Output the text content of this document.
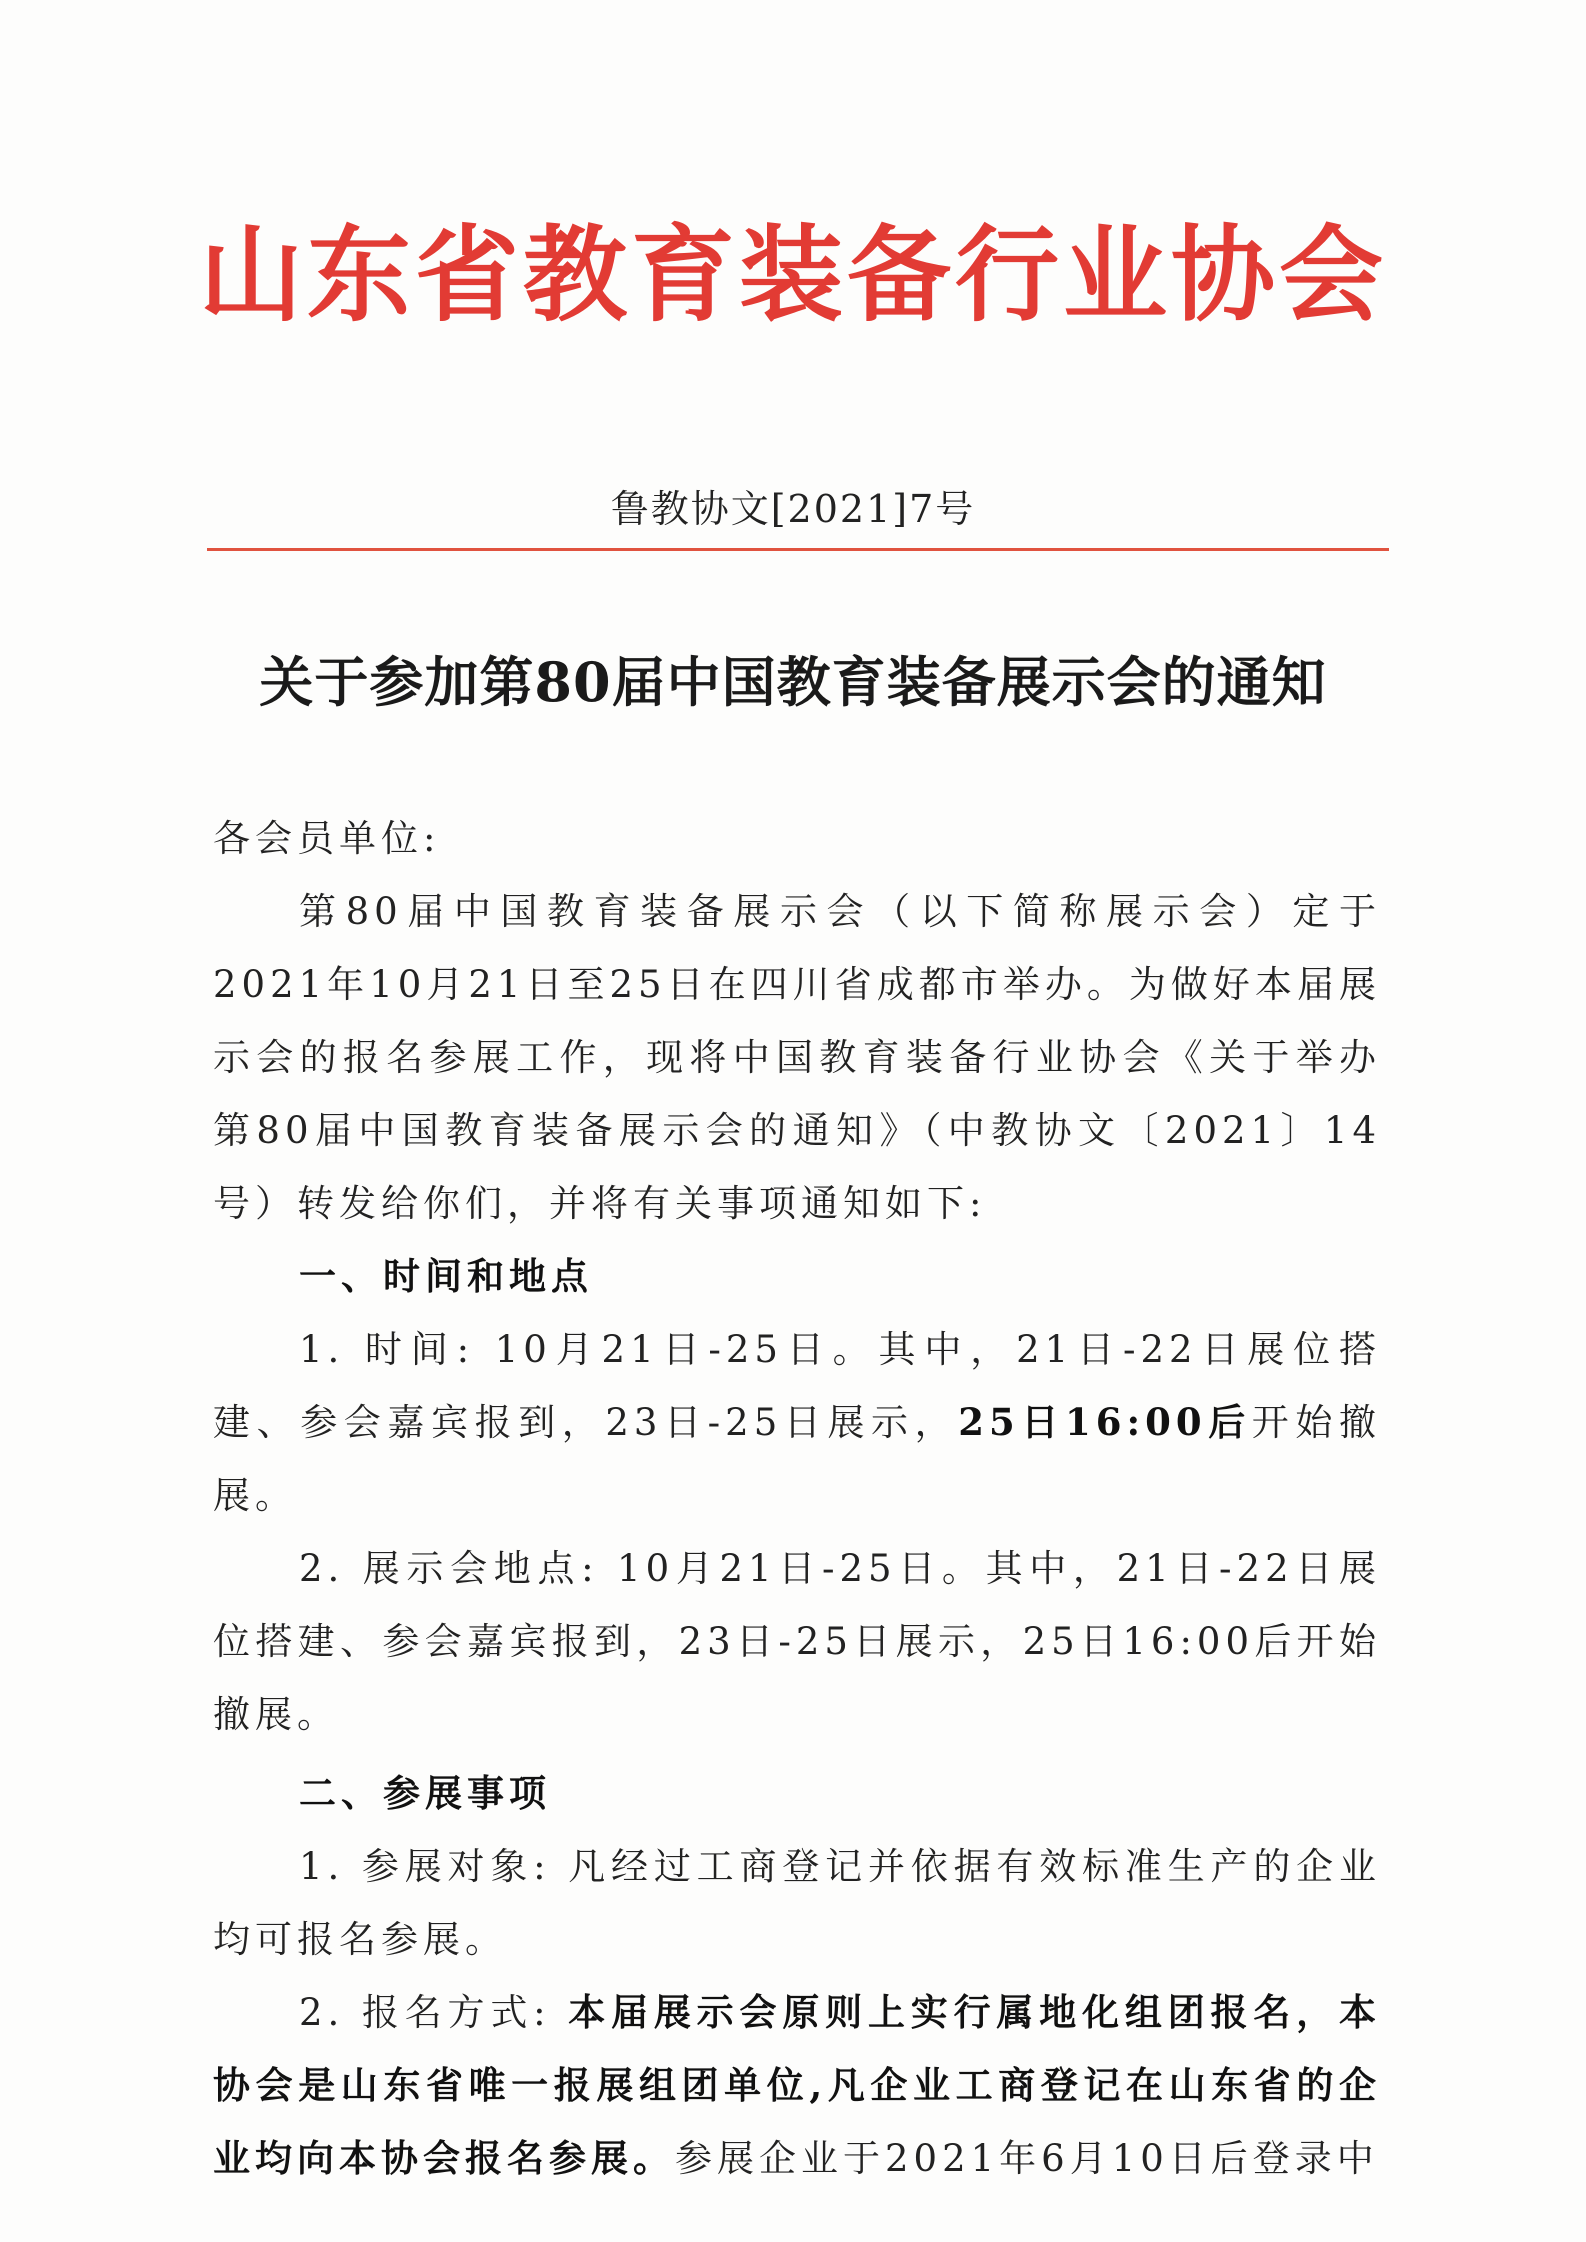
山东省教育装备行业协会
鲁教协文[2021]7号
关于参加第80届中国教育装备展示会的通知

各会员单位:

第80届中国教育装备展示会（以下简称展示会）定于2021年10月21日至25日在四川省成都市举办。为做好本届展示会的报名参展工作，现将中国教育装备行业协会《关于举办第80届中国教育装备展示会的通知》（中教协文〔2021〕14号）转发给你们，并将有关事项通知如下:

一、时间和地点

1. 时间: 10月21日-25日。其中，21日-22日展位搭建、参会嘉宾报到，23日-25日展示，25日16:00后开始撤展。

2. 展示会地点: 10月21日-25日。其中，21日-22日展位搭建、参会嘉宾报到，23日-25日展示，25日16:00后开始撤展。

二、参展事项

1. 参展对象: 凡经过工商登记并依据有效标准生产的企业均可报名参展。

2. 报名方式: 本届展示会原则上实行属地化组团报名，本协会是山东省唯一报展组团单位,凡企业工商登记在山东省的企业均向本协会报名参展。参展企业于2021年6月10日后登录中
